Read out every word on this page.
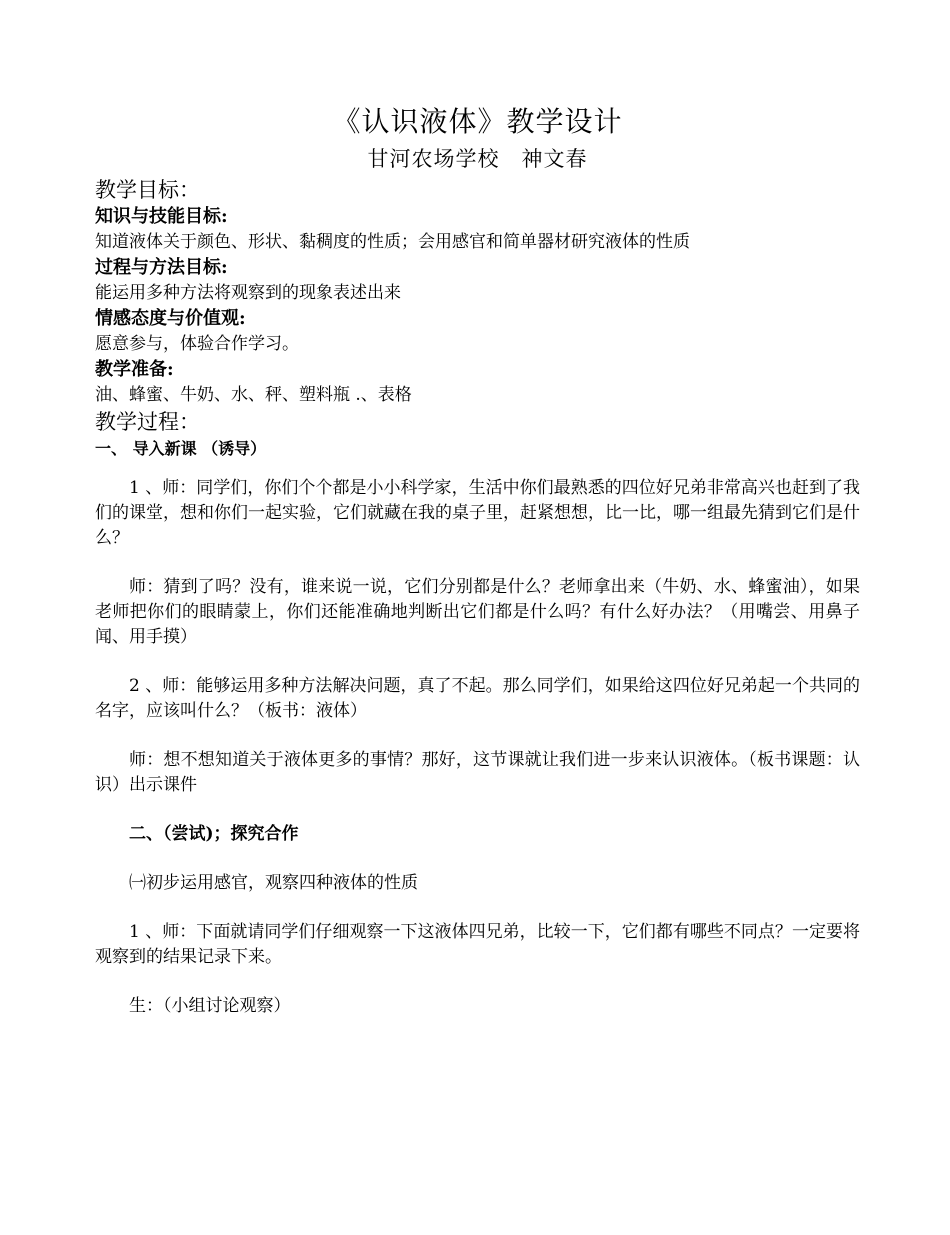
《认识液体》教学设计

甘河农场学校　神文春

教学目标：

知识与技能目标:

知道液体关于颜色、形状、黏稠度的性质；会用感官和简单器材研究液体的性质

过程与方法目标:

能运用多种方法将观察到的现象表述出来

情感态度与价值观:

愿意参与，体验合作学习。

教学准备:

油、蜂蜜、牛奶、水、秤、塑料瓶 .、表格

教学过程：

一、 导入新课 （诱导）

1 、师：同学们，你们个个都是小小科学家，生活中你们最熟悉的四位好兄弟非常高兴也赶到了我们的课堂，想和你们一起实验，它们就藏在我的桌子里，赶紧想想，比一比，哪一组最先猜到它们是什么？

师：猜到了吗？没有，谁来说一说，它们分别都是什么？老师拿出来（牛奶、水、蜂蜜油），如果老师把你们的眼睛蒙上，你们还能准确地判断出它们都是什么吗？有什么好办法？（用嘴尝、用鼻子闻、用手摸）

2 、师：能够运用多种方法解决问题，真了不起。那么同学们，如果给这四位好兄弟起一个共同的名字，应该叫什么？（板书：液体）

师：想不想知道关于液体更多的事情？那好，这节课就让我们进一步来认识液体。（板书课题：认识）出示课件

二、（尝试)；探究合作

㈠初步运用感官，观察四种液体的性质

1 、师：下面就请同学们仔细观察一下这液体四兄弟，比较一下，它们都有哪些不同点？一定要将观察到的结果记录下来。

生：（小组讨论观察）
